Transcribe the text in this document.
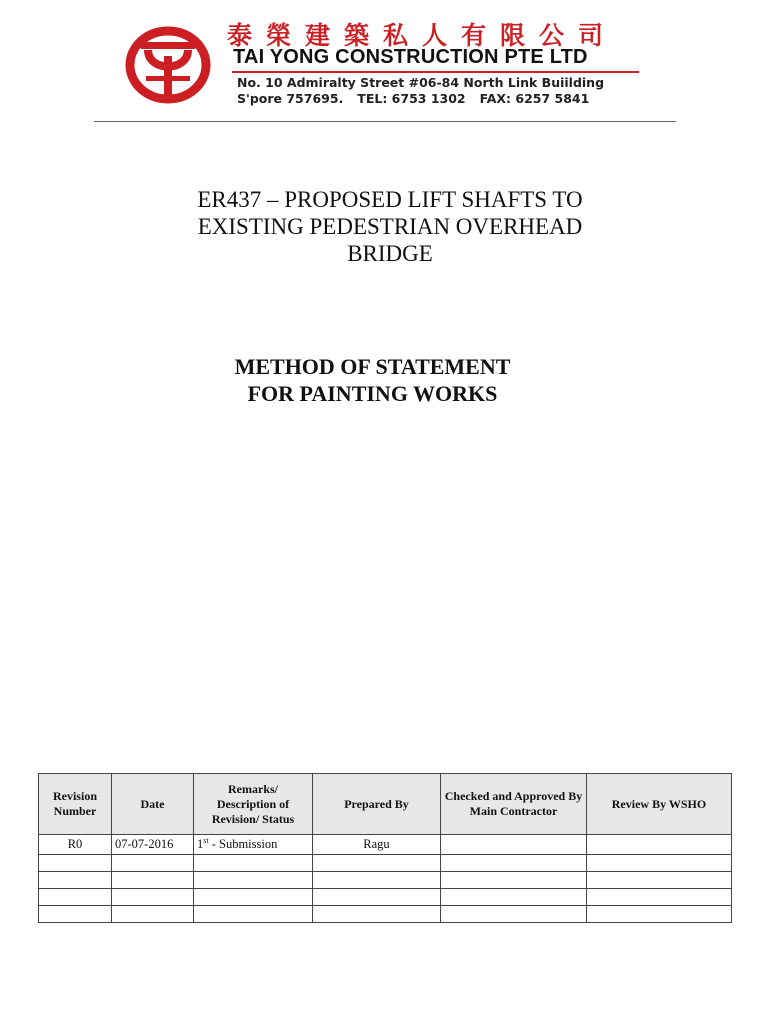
泰榮建築私人有限公司
TAI YONG CONSTRUCTION PTE LTD
No. 10 Admiralty Street #06-84 North Link Buiilding
S'pore 757695. TEL: 6753 1302 FAX: 6257 5841
ER437 – PROPOSED LIFT SHAFTS TO
EXISTING PEDESTRIAN OVERHEAD
BRIDGE
METHOD OF STATEMENT
FOR PAINTING WORKS
Revision Number	Date	Remarks/ Description of Revision/ Status	Prepared By	Checked and Approved By Main Contractor	Review By WSHO
R0	07-07-2016	1st - Submission	Ragu		
